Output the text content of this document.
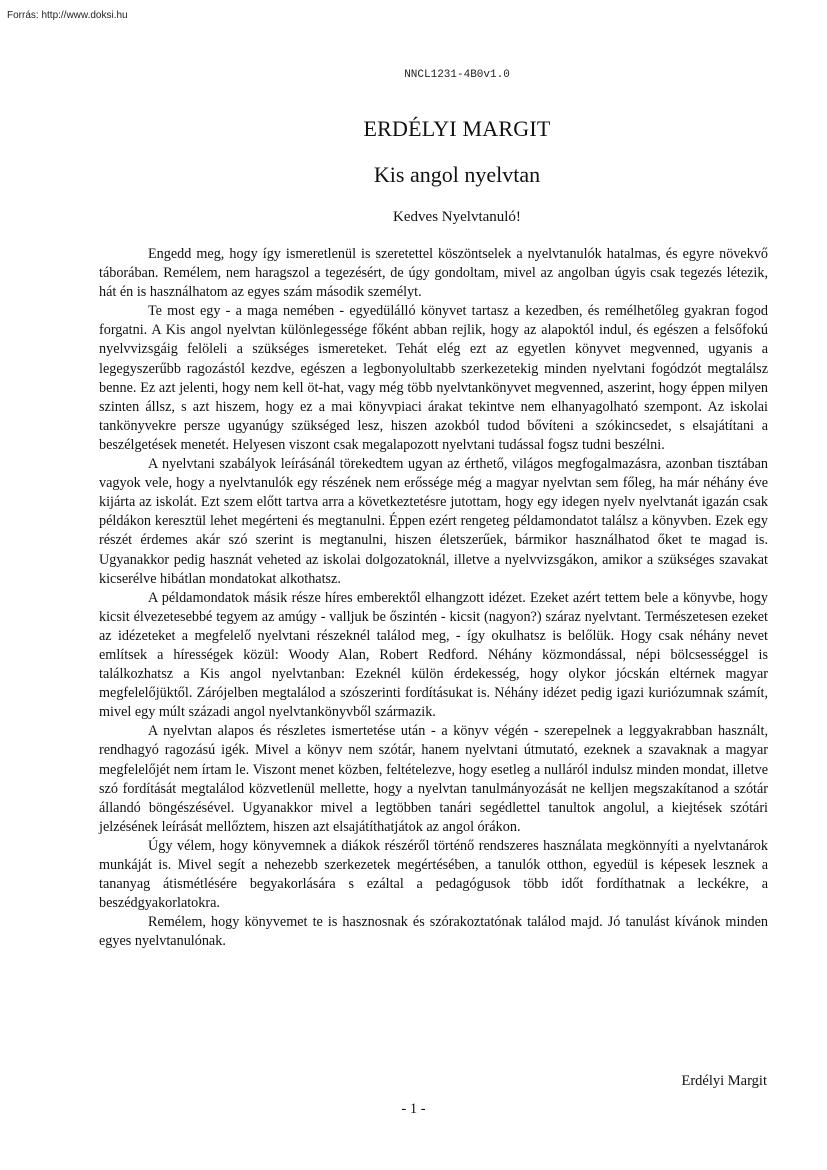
Forrás: http://www.doksi.hu
NNCL1231-4B0v1.0
ERDÉLYI MARGIT
Kis angol nyelvtan
Kedves Nyelvtanuló!

Engedd meg, hogy így ismeretlenül is szeretettel köszöntselek a nyelvtanulók hatalmas, és egyre növekvő táborában. Remélem, nem haragszol a tegezésért, de úgy gondoltam, mivel az angolban úgyis csak tegezés létezik, hát én is használhatom az egyes szám második személyt.

Te most egy - a maga nemében - egyedülálló könyvet tartasz a kezedben, és remélhetőleg gyakran fogod forgatni. A Kis angol nyelvtan különlegessége főként abban rejlik, hogy az alapoktól indul, és egészen a felsőfokú nyelvvizsgáig felöleli a szükséges ismereteket. Tehát elég ezt az egyetlen könyvet megvenned, ugyanis a legegyszerűbb ragozástól kezdve, egészen a legbonyolultabb szerkezetekig minden nyelvtani fogódzót megtalálsz benne. Ez azt jelenti, hogy nem kell öt-hat, vagy még több nyelvtankönyvet megvenned, aszerint, hogy éppen milyen szinten állsz, s azt hiszem, hogy ez a mai könyvpiaci árakat tekintve nem elhanyagolható szempont. Az iskolai tankönyvekre persze ugyanúgy szükséged lesz, hiszen azokból tudod bővíteni a szókincsedet, s elsajátítani a beszélgetések menetét. Helyesen viszont csak megalapozott nyelvtani tudással fogsz tudni beszélni.

A nyelvtani szabályok leírásánál törekedtem ugyan az érthető, világos megfogalmazásra, azonban tisztában vagyok vele, hogy a nyelvtanulók egy részének nem erőssége még a magyar nyelvtan sem főleg, ha már néhány éve kijárta az iskolát. Ezt szem előtt tartva arra a következtetésre jutottam, hogy egy idegen nyelv nyelvtanát igazán csak példákon keresztül lehet megérteni és megtanulni. Éppen ezért rengeteg példamondatot találsz a könyvben. Ezek egy részét érdemes akár szó szerint is megtanulni, hiszen életszerűek, bármikor használhatod őket te magad is. Ugyanakkor pedig hasznát veheted az iskolai dolgozatoknál, illetve a nyelvvizsgákon, amikor a szükséges szavakat kicserélve hibátlan mondatokat alkothatsz.

A példamondatok másik része híres emberektől elhangzott idézet. Ezeket azért tettem bele a könyvbe, hogy kicsit élvezetesebbé tegyem az amúgy - valljuk be őszintén - kicsit (nagyon?) száraz nyelvtant. Természetesen ezeket az idézeteket a megfelelő nyelvtani részeknél találod meg, - így okulhatsz is belőlük. Hogy csak néhány nevet említsek a hírességek közül: Woody Alan, Robert Redford. Néhány közmondással, népi bölcsességgel is találkozhatsz a Kis angol nyelvtanban: Ezeknél külön érdekesség, hogy olykor jócskán eltérnek magyar megfelelőjüktől. Zárójelben megtalálod a szószerinti fordításukat is. Néhány idézet pedig igazi kuriózumnak számít, mivel egy múlt századi angol nyelvtankönyvből származik.

A nyelvtan alapos és részletes ismertetése után - a könyv végén - szerepelnek a leggyakrabban használt, rendhagyó ragozású igék. Mivel a könyv nem szótár, hanem nyelvtani útmutató, ezeknek a szavaknak a magyar megfelelőjét nem írtam le. Viszont menet közben, feltételezve, hogy esetleg a nulláról indulsz minden mondat, illetve szó fordítását megtalálod közvetlenül mellette, hogy a nyelvtan tanulmányozását ne kelljen megszakítanod a szótár állandó böngészésével. Ugyanakkor mivel a legtöbben tanári segédlettel tanultok angolul, a kiejtések szótári jelzésének leírását mellőztem, hiszen azt elsajátíthatjátok az angol órákon.

Úgy vélem, hogy könyvemnek a diákok részéről történő rendszeres használata megkönnyíti a nyelvtanárok munkáját is. Mivel segít a nehezebb szerkezetek megértésében, a tanulók otthon, egyedül is képesek lesznek a tananyag átismétlésére begyakorlására s ezáltal a pedagógusok több időt fordíthatnak a leckékre, a beszédgyakorlatokra.

Remélem, hogy könyvemet te is hasznosnak és szórakoztatónak találod majd. Jó tanulást kívánok minden egyes nyelvtanulónak.

Erdélyi Margit
- 1 -
